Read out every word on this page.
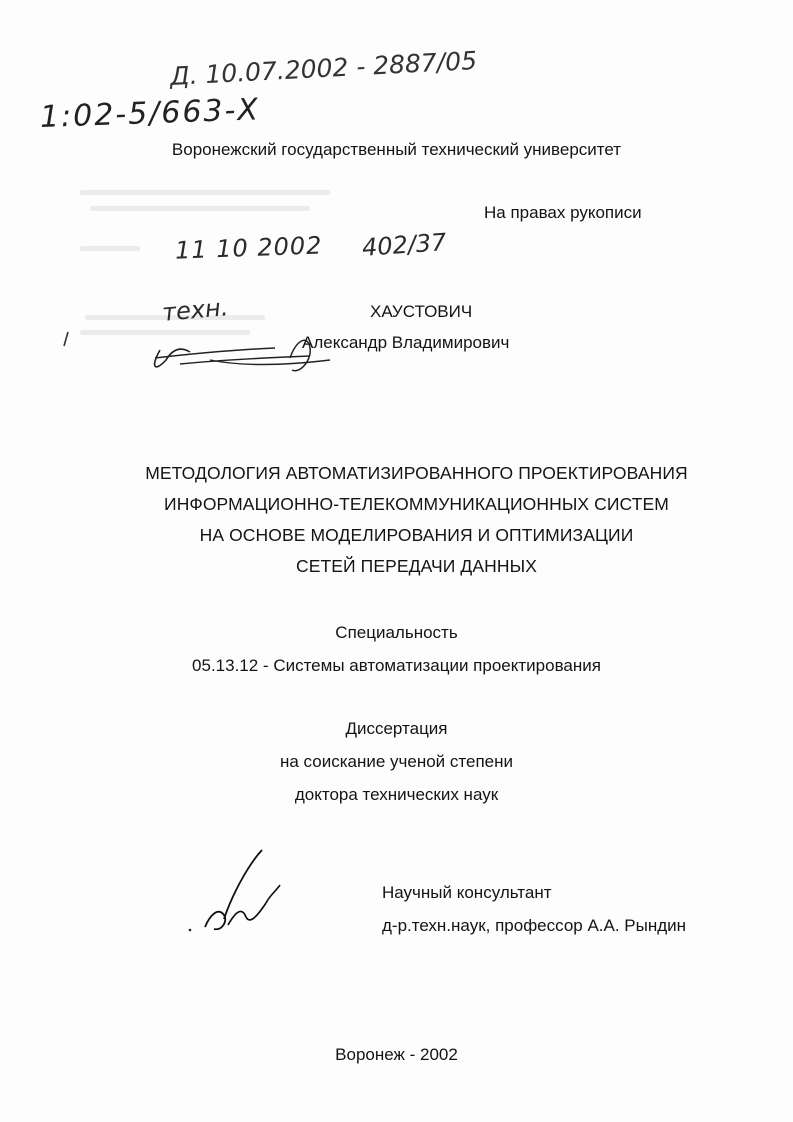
Д. 10.07.2002 - 2887/05
1:02-5/663-Х
Воронежский государственный технический университет
На правах рукописи
11 10 2002 402/37
техн.	ХАУСТОВИЧ
Александр Владимирович
МЕТОДОЛОГИЯ АВТОМАТИЗИРОВАННОГО ПРОЕКТИРОВАНИЯ
ИНФОРМАЦИОННО-ТЕЛЕКОММУНИКАЦИОННЫХ СИСТЕМ
НА ОСНОВЕ МОДЕЛИРОВАНИЯ И ОПТИМИЗАЦИИ
СЕТЕЙ ПЕРЕДАЧИ ДАННЫХ
Специальность
05.13.12 - Системы автоматизации проектирования
Диссертация
на соискание ученой степени
доктора технических наук
Научный консультант
д-р.техн.наук, профессор А.А. Рындин
Воронеж - 2002
